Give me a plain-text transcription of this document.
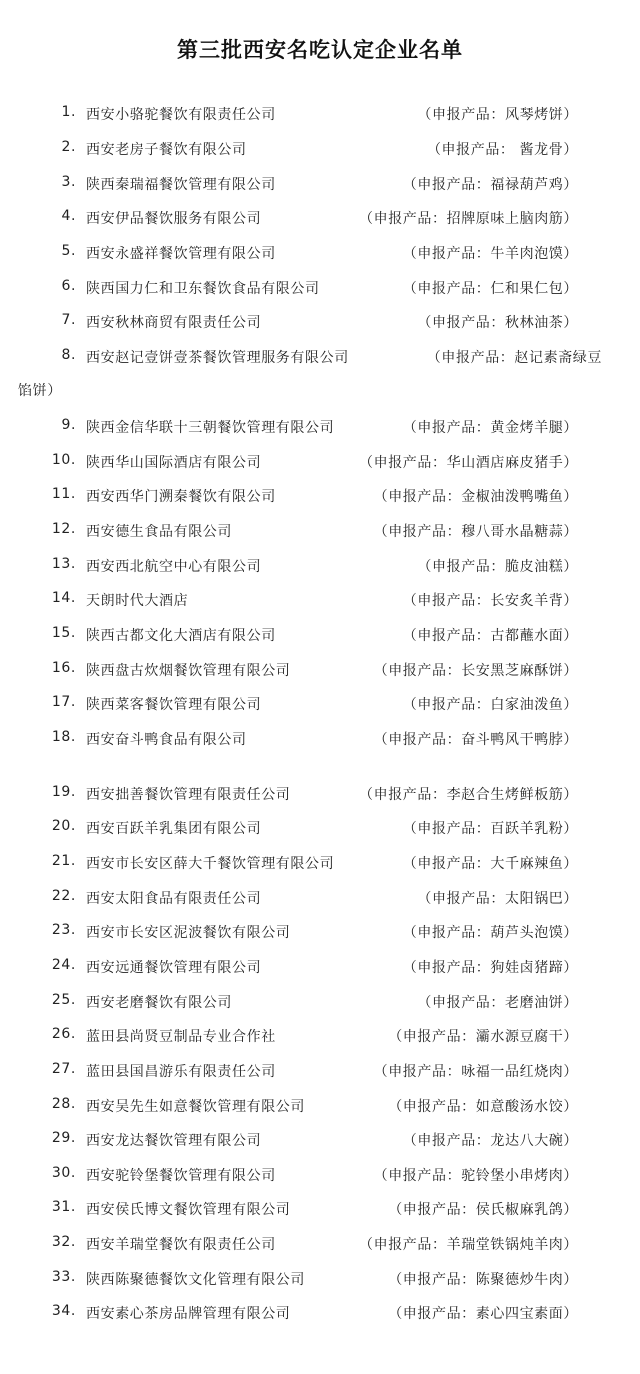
第三批西安名吃认定企业名单
1. 西安小骆驼餐饮有限责任公司	（申报产品：风琴烤饼）
2. 西安老房子餐饮有限公司	（申报产品： 酱龙骨）
3. 陕西秦瑞福餐饮管理有限公司	（申报产品：福禄葫芦鸡）
4. 西安伊品餐饮服务有限公司	（申报产品：招牌原味上脑肉筋）
5. 西安永盛祥餐饮管理有限公司	（申报产品：牛羊肉泡馍）
6. 陕西国力仁和卫东餐饮食品有限公司	（申报产品：仁和果仁包）
7. 西安秋林商贸有限责任公司	（申报产品：秋林油茶）
8. 西安赵记壹饼壹茶餐饮管理服务有限公司	（申报产品：赵记素斋绿豆
馅饼）
9. 陕西金信华联十三朝餐饮管理有限公司	（申报产品：黄金烤羊腿）
10. 陕西华山国际酒店有限公司	（申报产品：华山酒店麻皮猪手）
11. 西安西华门溯秦餐饮有限公司	（申报产品：金椒油泼鸭嘴鱼）
12. 西安德生食品有限公司	（申报产品：穆八哥水晶糖蒜）
13. 西安西北航空中心有限公司	（申报产品：脆皮油糕）
14. 天朗时代大酒店	（申报产品：长安炙羊背）
15. 陕西古都文化大酒店有限公司	（申报产品：古都蘸水面）
16. 陕西盘古炊烟餐饮管理有限公司	（申报产品：长安黑芝麻酥饼）
17. 陕西菜客餐饮管理有限公司	（申报产品：白家油泼鱼）
18. 西安奋斗鸭食品有限公司	（申报产品：奋斗鸭风干鸭脖）
19. 西安拙善餐饮管理有限责任公司	（申报产品：李赵合生烤鲜板筋）
20. 西安百跃羊乳集团有限公司	（申报产品：百跃羊乳粉）
21. 西安市长安区薛大千餐饮管理有限公司	（申报产品：大千麻辣鱼）
22. 西安太阳食品有限责任公司	（申报产品：太阳锅巴）
23. 西安市长安区泥波餐饮有限公司	（申报产品：葫芦头泡馍）
24. 西安远通餐饮管理有限公司	（申报产品：狗娃卤猪蹄）
25. 西安老磨餐饮有限公司	（申报产品：老磨油饼）
26. 蓝田县尚贤豆制品专业合作社	（申报产品：灞水源豆腐干）
27. 蓝田县国昌游乐有限责任公司	（申报产品：咏福一品红烧肉）
28. 西安吴先生如意餐饮管理有限公司	（申报产品：如意酸汤水饺）
29. 西安龙达餐饮管理有限公司	（申报产品：龙达八大碗）
30. 西安驼铃堡餐饮管理有限公司	（申报产品：驼铃堡小串烤肉）
31. 西安侯氏博文餐饮管理有限公司	（申报产品：侯氏椒麻乳鸽）
32. 西安羊瑞堂餐饮有限责任公司	（申报产品：羊瑞堂铁锅炖羊肉）
33. 陕西陈聚德餐饮文化管理有限公司	（申报产品：陈聚德炒牛肉）
34. 西安素心茶房品牌管理有限公司	（申报产品：素心四宝素面）
